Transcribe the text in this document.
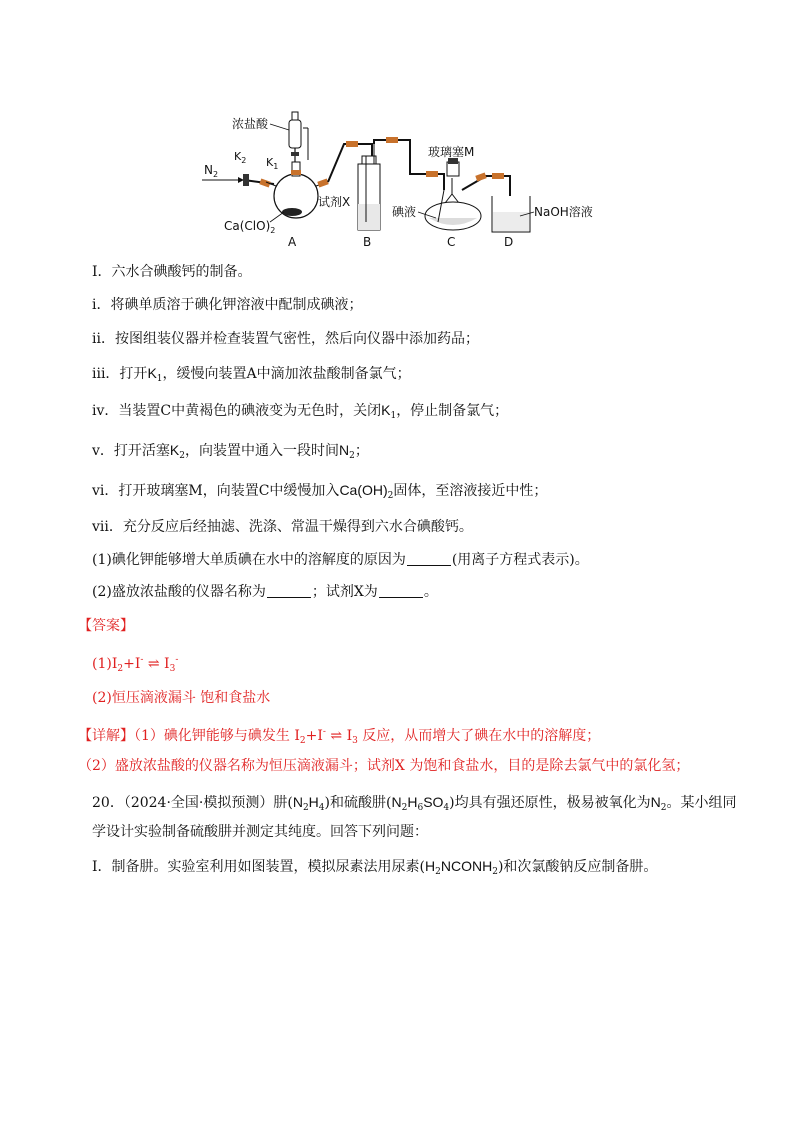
$N_2$
$K_2$
浓盐酸
$K_1$
$Ca(ClO)_2$
A
试剂X
B
玻璃塞M
碘液
C
NaOH溶液
D
Ⅰ．六水合碘酸钙的制备。
i．将碘单质溶于碘化钾溶液中配制成碘液；
ii．按图组装仪器并检查装置气密性，然后向仪器中添加药品；
iii．打开$K_1$，缓慢向装置A中滴加浓盐酸制备氯气；
iv．当装置C中黄褐色的碘液变为无色时，关闭$K_1$，停止制备氯气；
v．打开活塞$K_2$，向装置中通入一段时间$N_2$；
vi．打开玻璃塞M，向装置C中缓慢加入$Ca(OH)_2$固体，至溶液接近中性；
vii．充分反应后经抽滤、洗涤、常温干燥得到六水合碘酸钙。
(1)碘化钾能够增大单质碘在水中的溶解度的原因为	(用离子方程式表示)。
(2)盛放浓盐酸的仪器名称为	；试剂X为	。
【答案】
$(1)I_2+I^-$ ⇌ $I_3^-$
(2)恒压滴液漏斗 饱和食盐水
【详解】（1）碘化钾能够与碘发生 $I_2+I^-$ ⇌ $I_3$ 反应，从而增大了碘在水中的溶解度；
（2）盛放浓盐酸的仪器名称为恒压滴液漏斗；试剂X 为饱和食盐水，目的是除去氯气中的氯化氢；
20．（2024·全国·模拟预测）肼$(N_2H_4)$和硫酸肼$(N_2H_6SO_4)$均具有强还原性，极易被氧化为$N_2$。某小组同
学设计实验制备硫酸肼并测定其纯度。回答下列问题：
Ⅰ．制备肼。实验室利用如图装置，模拟尿素法用尿素$(H_2NCONH_2)$和次氯酸钠反应制备肼。
